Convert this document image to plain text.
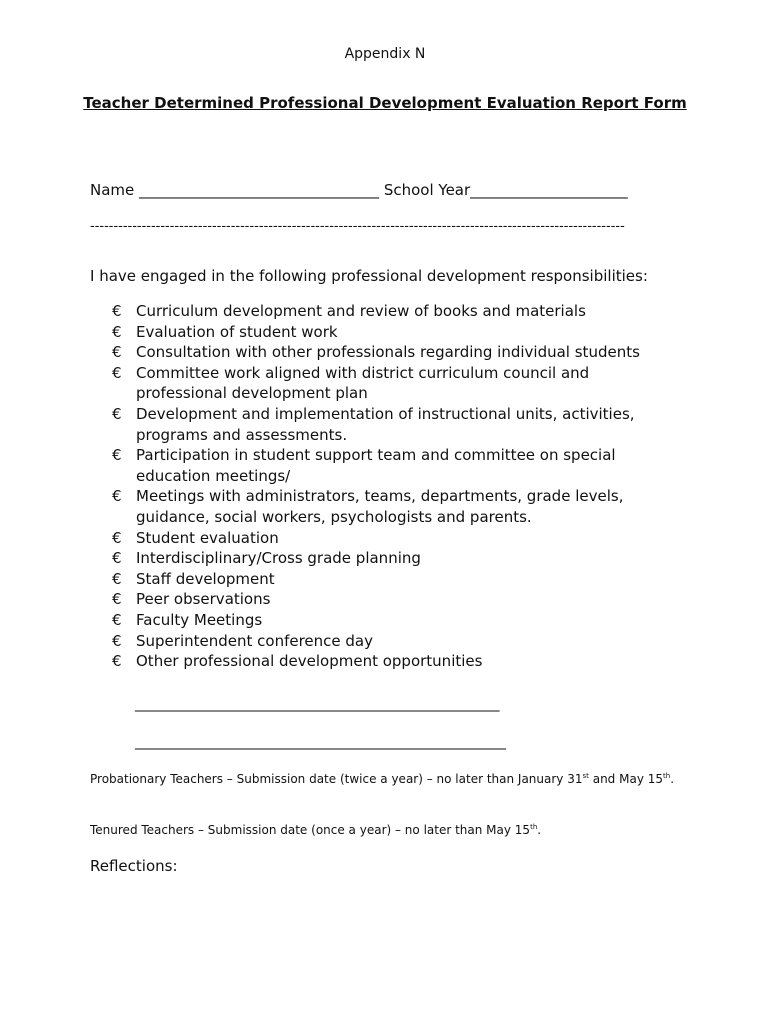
Appendix N
Teacher Determined Professional Development Evaluation Report Form
Name ________________________________ School Year_____________________
------------------------------------------------------------------------------------------------------------------
I have engaged in the following professional development responsibilities:
€ Curriculum development and review of books and materials
€ Evaluation of student work
€ Consultation with other professionals regarding individual students
€ Committee work aligned with district curriculum council and professional development plan
€ Development and implementation of instructional units, activities, programs and assessments.
€ Participation in student support team and committee on special education meetings/
€ Meetings with administrators, teams, departments, grade levels, guidance, social workers, psychologists and parents.
€ Student evaluation
€ Interdisciplinary/Cross grade planning
€ Staff development
€ Peer observations
€ Faculty Meetings
€ Superintendent conference day
€ Other professional development opportunities
________________________________________________________
_________________________________________________________
Probationary Teachers – Submission date (twice a year) – no later than January 31st and May 15th.
Tenured Teachers – Submission date (once a year) – no later than May 15th.
Reflections:
